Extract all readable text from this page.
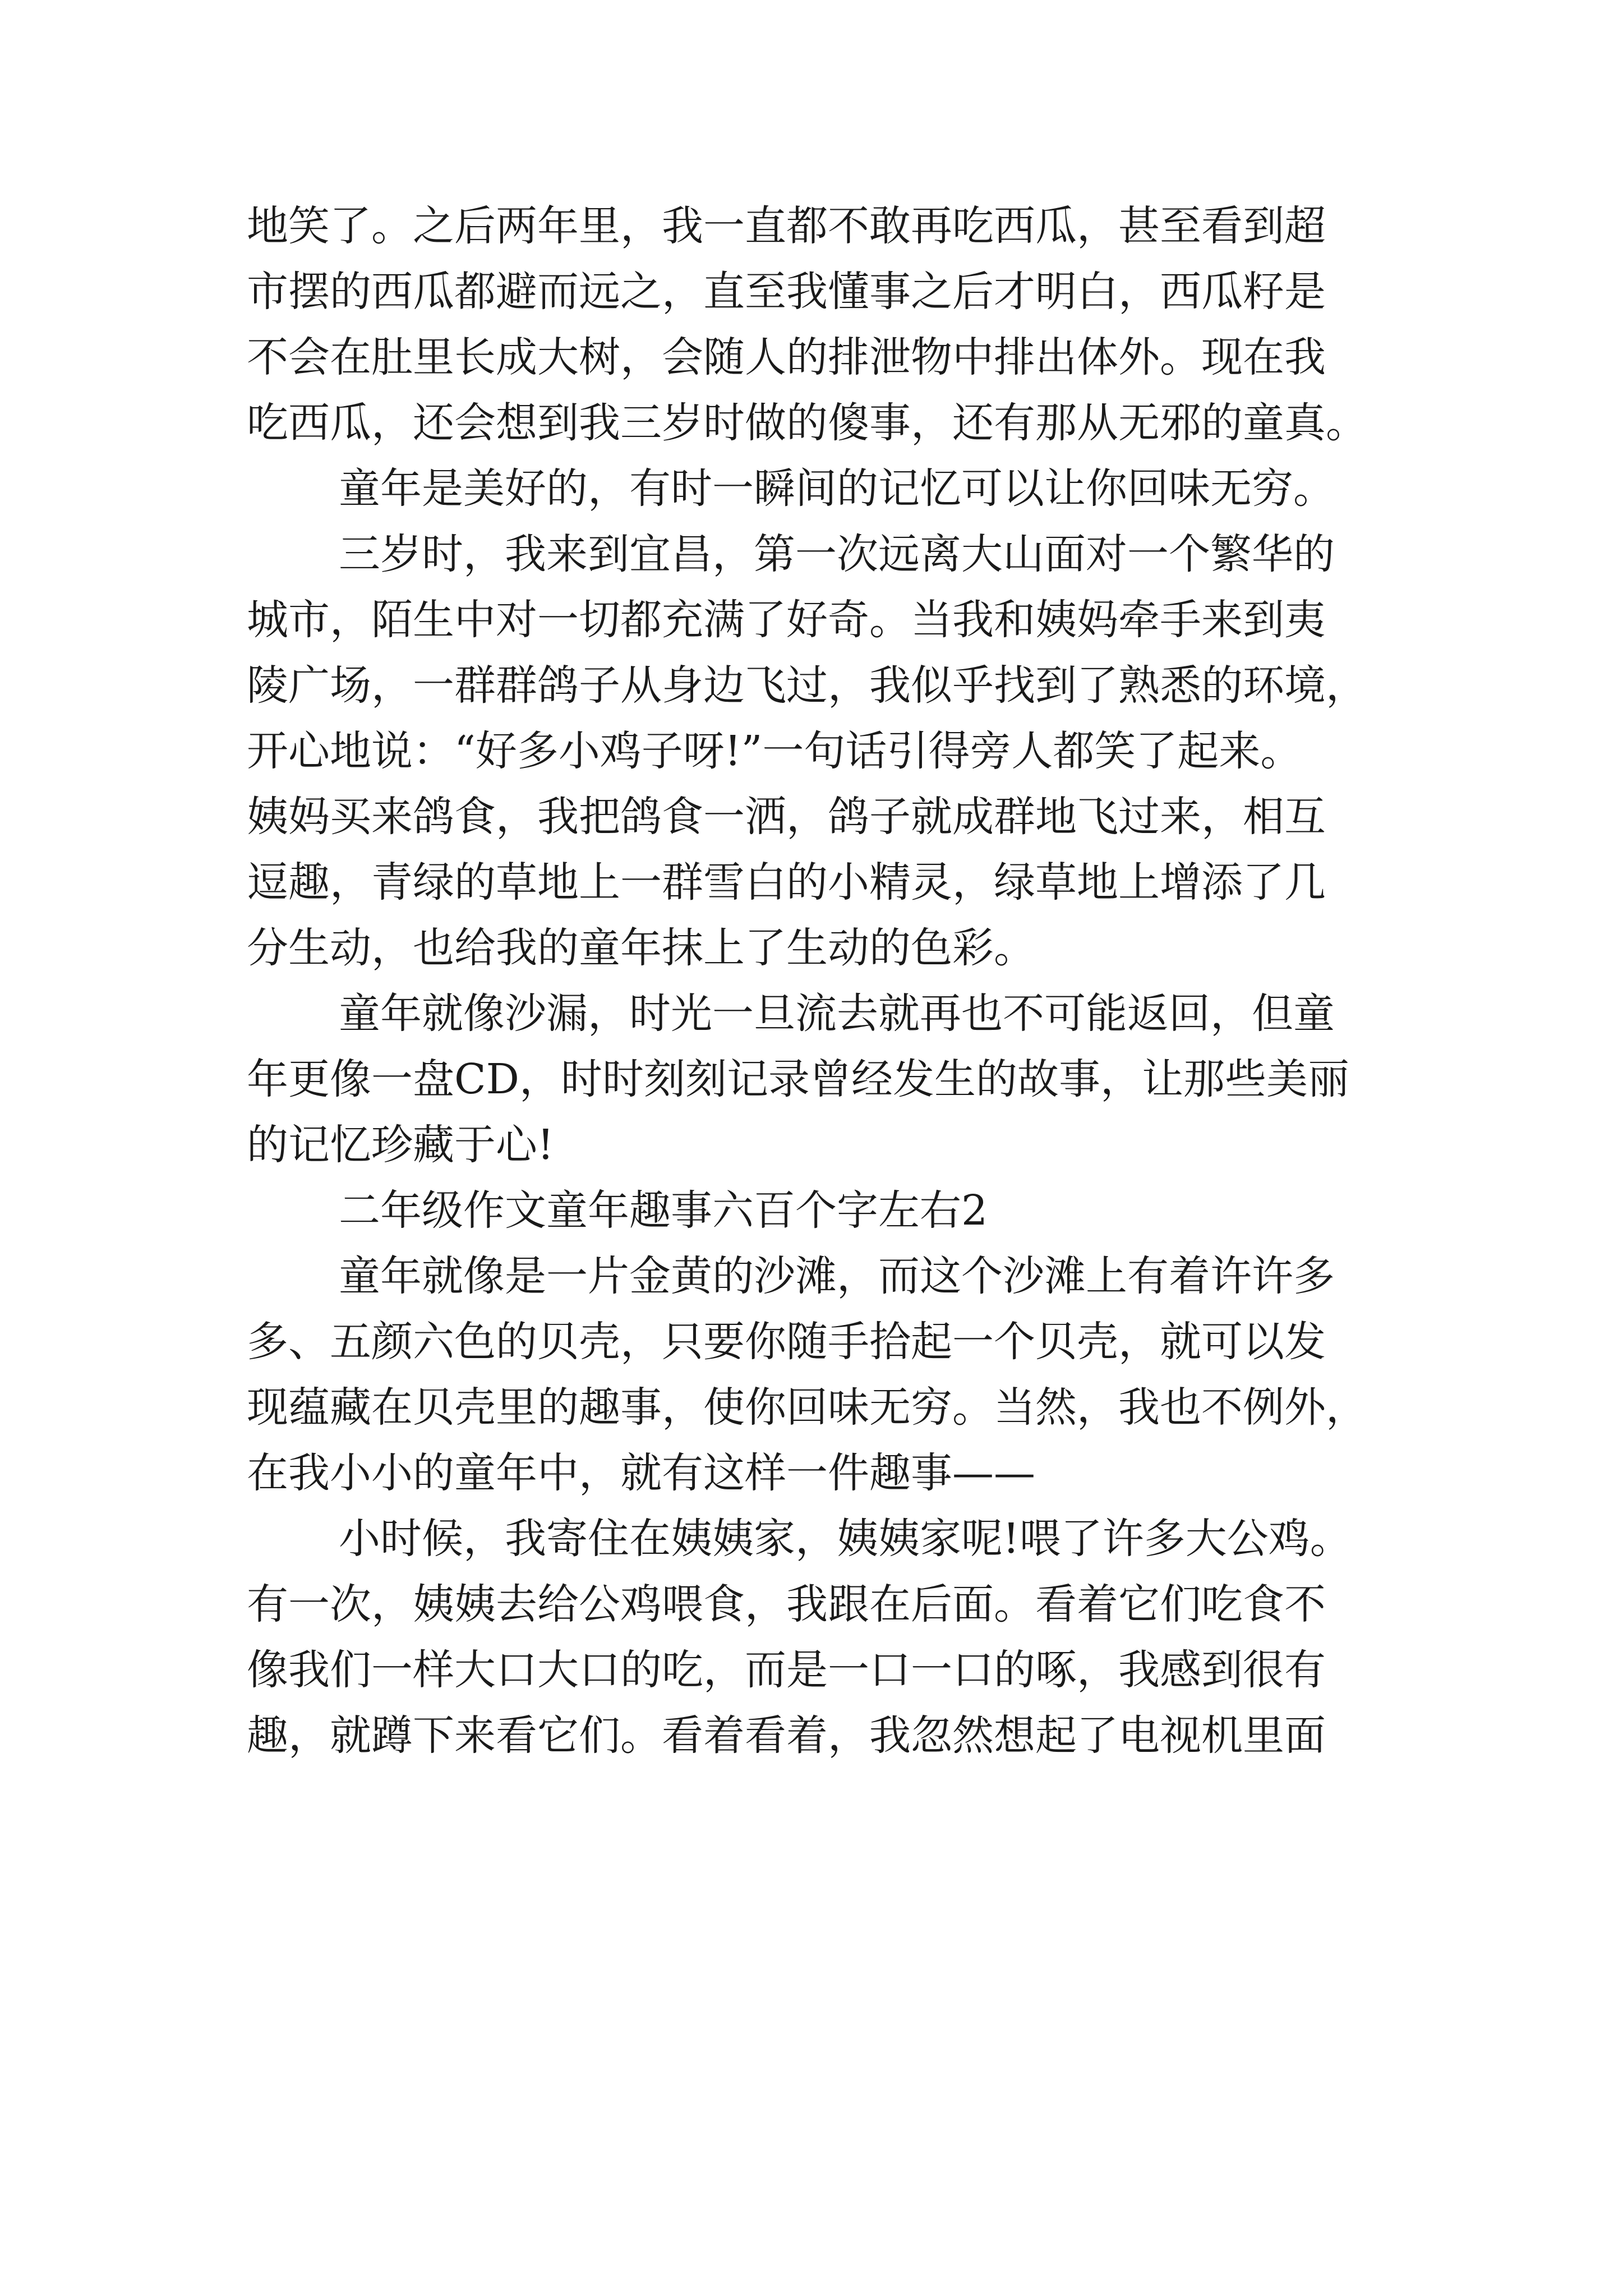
地笑了。之后两年里，我一直都不敢再吃西瓜，甚至看到超
市摆的西瓜都避而远之，直至我懂事之后才明白，西瓜籽是
不会在肚里长成大树，会随人的排泄物中排出体外。现在我
吃西瓜，还会想到我三岁时做的傻事，还有那从无邪的童真。
童年是美好的，有时一瞬间的记忆可以让你回味无穷。
三岁时，我来到宜昌，第一次远离大山面对一个繁华的
城市，陌生中对一切都充满了好奇。当我和姨妈牵手来到夷
陵广场，一群群鸽子从身边飞过，我似乎找到了熟悉的环境，
开心地说：“好多小鸡子呀!”一句话引得旁人都笑了起来。
姨妈买来鸽食，我把鸽食一洒，鸽子就成群地飞过来，相互
逗趣，青绿的草地上一群雪白的小精灵，绿草地上增添了几
分生动，也给我的童年抹上了生动的色彩。
童年就像沙漏，时光一旦流去就再也不可能返回，但童
年更像一盘CD，时时刻刻记录曾经发生的故事，让那些美丽
的记忆珍藏于心!
二年级作文童年趣事六百个字左右2
童年就像是一片金黄的沙滩，而这个沙滩上有着许许多
多、五颜六色的贝壳，只要你随手拾起一个贝壳，就可以发
现蕴藏在贝壳里的趣事，使你回味无穷。当然，我也不例外，
在我小小的童年中，就有这样一件趣事——
小时候，我寄住在姨姨家，姨姨家呢!喂了许多大公鸡。
有一次，姨姨去给公鸡喂食，我跟在后面。看着它们吃食不
像我们一样大口大口的吃，而是一口一口的啄，我感到很有
趣，就蹲下来看它们。看着看着，我忽然想起了电视机里面
